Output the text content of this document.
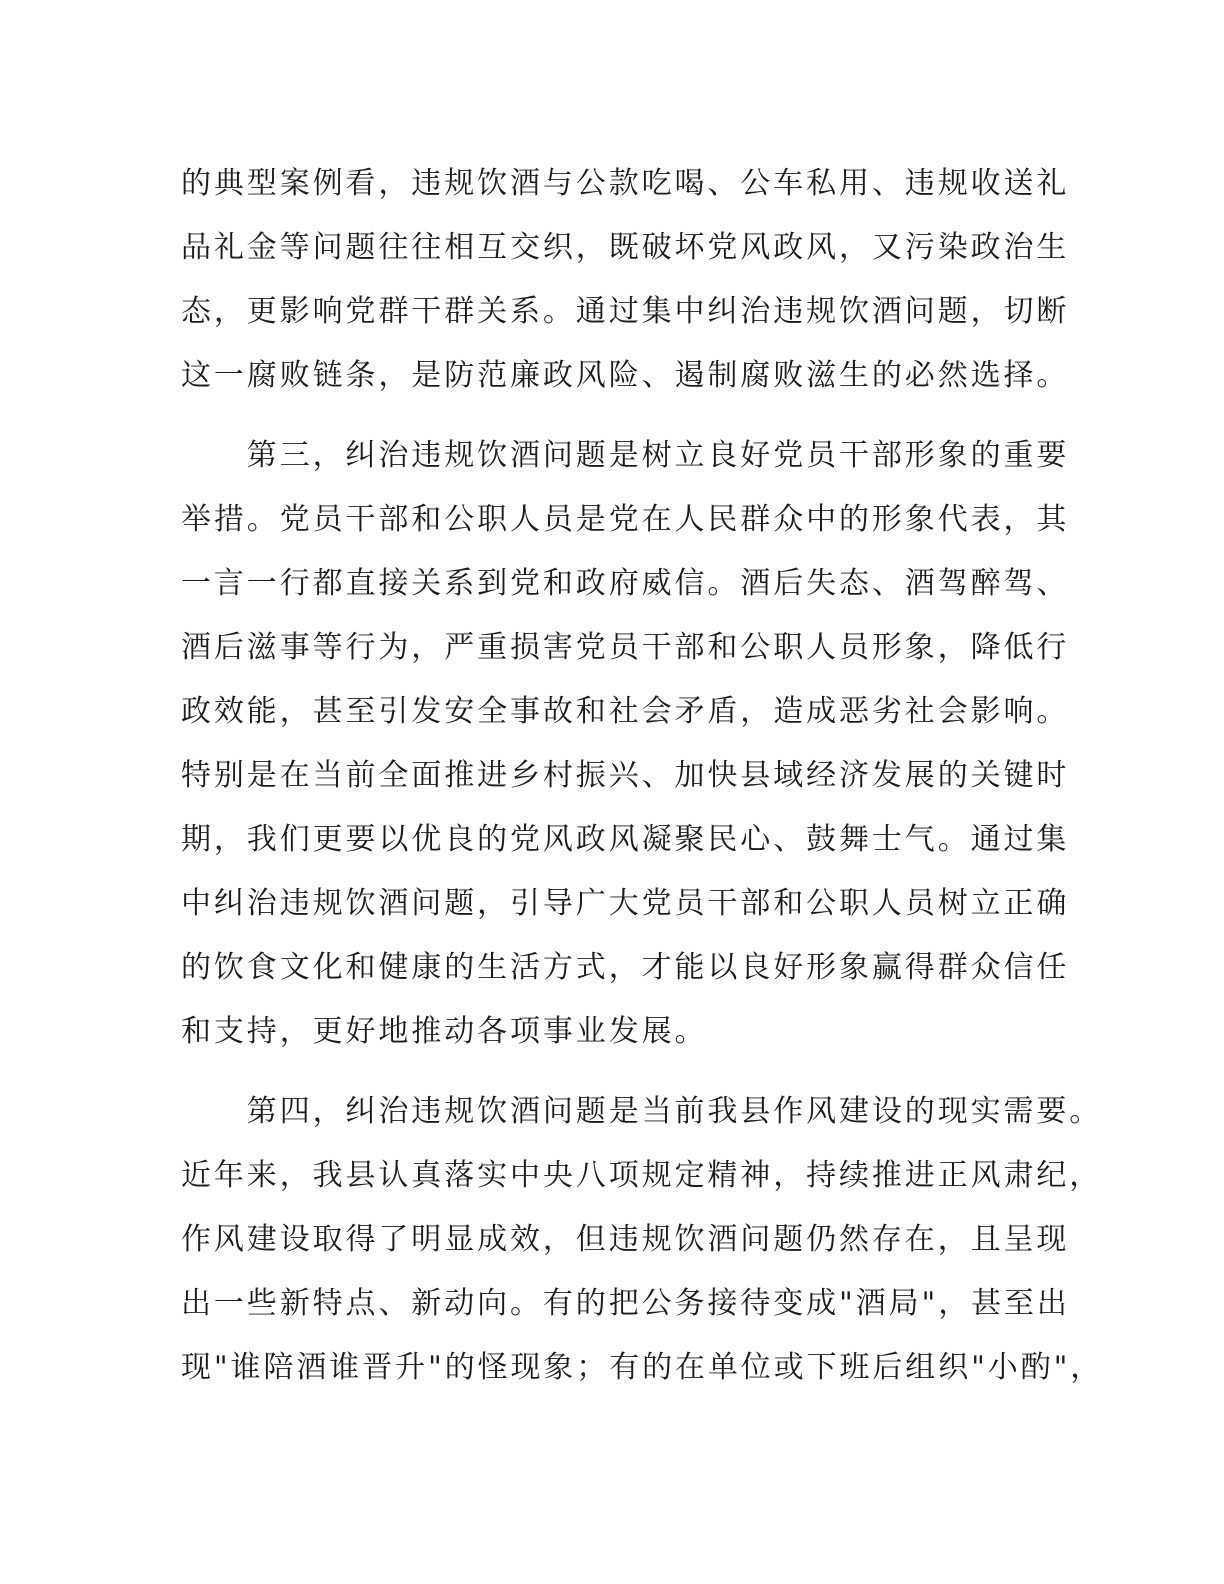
的典型案例看，违规饮酒与公款吃喝、公车私用、违规收送礼
品礼金等问题往往相互交织，既破坏党风政风，又污染政治生
态，更影响党群干群关系。通过集中纠治违规饮酒问题，切断
这一腐败链条，是防范廉政风险、遏制腐败滋生的必然选择。
　　第三，纠治违规饮酒问题是树立良好党员干部形象的重要
举措。党员干部和公职人员是党在人民群众中的形象代表，其
一言一行都直接关系到党和政府威信。酒后失态、酒驾醉驾、
酒后滋事等行为，严重损害党员干部和公职人员形象，降低行
政效能，甚至引发安全事故和社会矛盾，造成恶劣社会影响。
特别是在当前全面推进乡村振兴、加快县域经济发展的关键时
期，我们更要以优良的党风政风凝聚民心、鼓舞士气。通过集
中纠治违规饮酒问题，引导广大党员干部和公职人员树立正确
的饮食文化和健康的生活方式，才能以良好形象赢得群众信任
和支持，更好地推动各项事业发展。
　　第四，纠治违规饮酒问题是当前我县作风建设的现实需要。
近年来，我县认真落实中央八项规定精神，持续推进正风肃纪，
作风建设取得了明显成效，但违规饮酒问题仍然存在，且呈现
出一些新特点、新动向。有的把公务接待变成"酒局"，甚至出
现"谁陪酒谁晋升"的怪现象；有的在单位或下班后组织"小酌"，
